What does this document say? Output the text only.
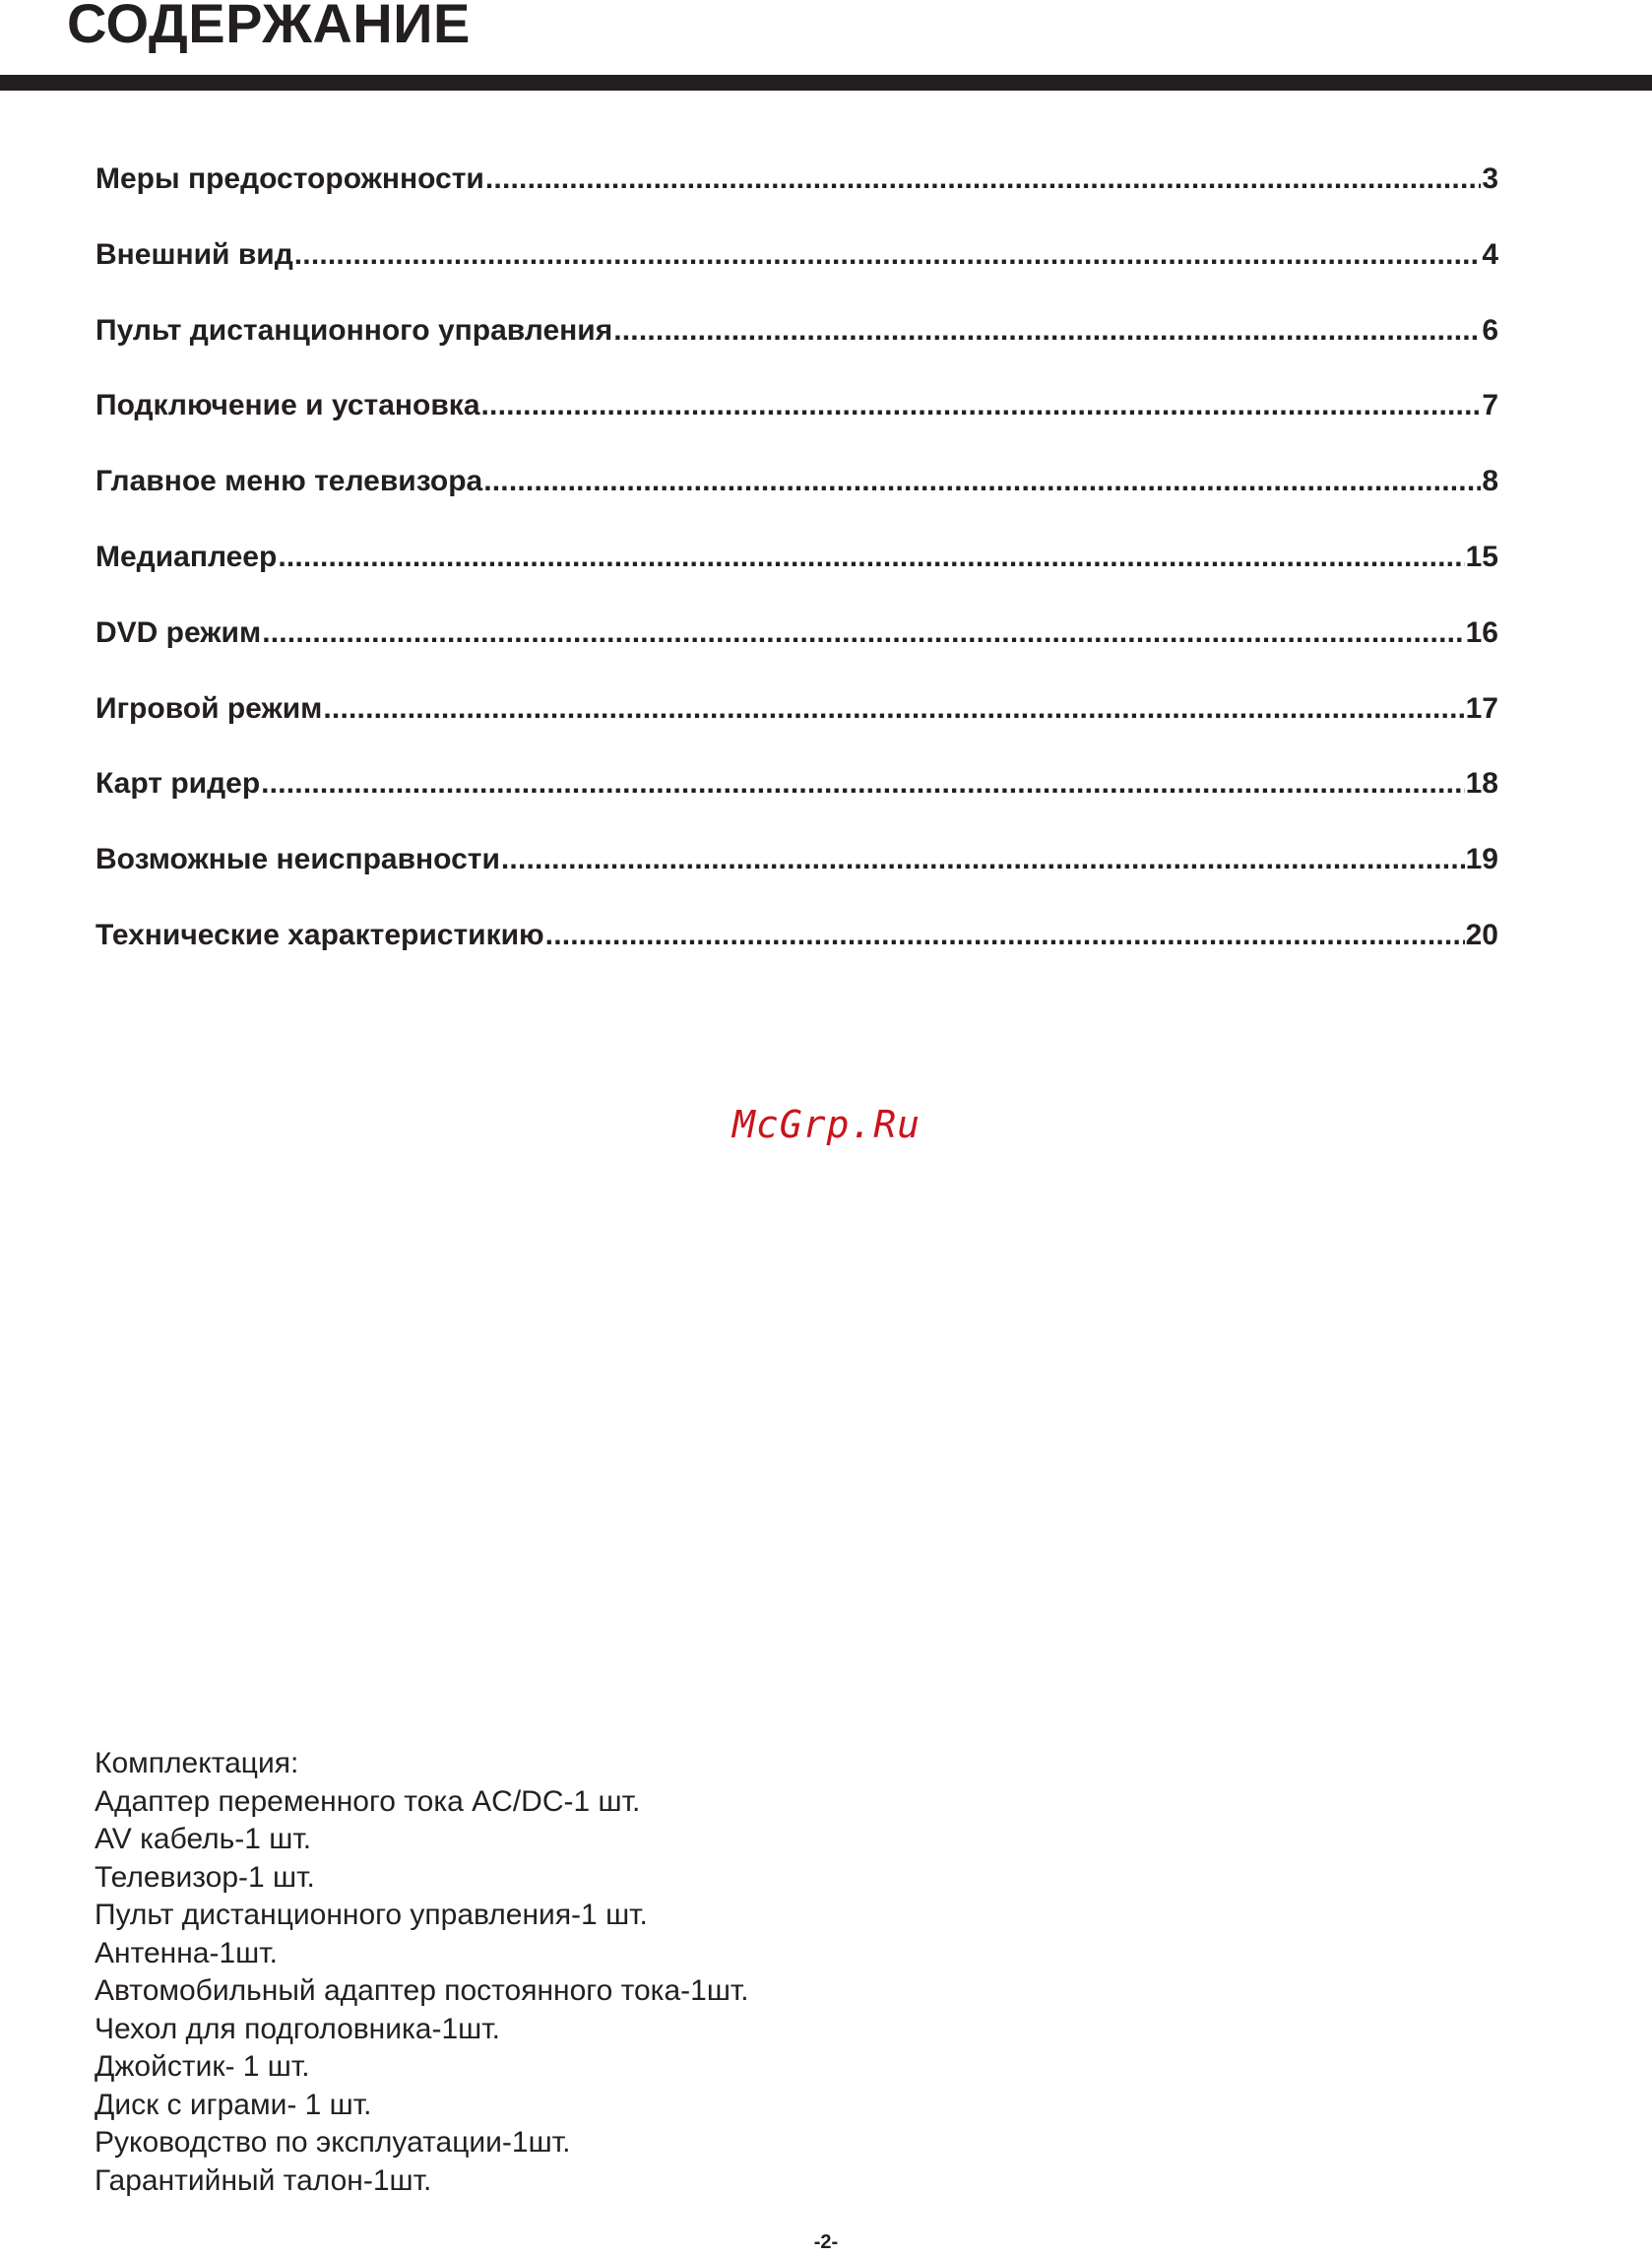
СОДЕРЖАНИЕ
Меры предосторожнности .....	3
Внешний вид .....	4
Пульт дистанционного управления .....	6
Подключение и установка .....	7
Главное меню телевизора .....	8
Медиаплеер .....	15
DVD режим .....	16
Игровой режим .....	17
Карт ридер .....	18
Возможные неисправности .....	19
Технические характеристикию .....	20
McGrp.Ru
Комплектация:
Адаптер переменного тока AC/DC-1 шт.
AV кабель-1 шт.
Телевизор-1 шт.
Пульт дистанционного управления-1 шт.
Антенна-1шт.
Автомобильный адаптер постоянного тока-1шт.
Чехол для подголовника-1шт.
Джойстик- 1 шт.
Диск с играми- 1 шт.
Руководство по эксплуатации-1шт.
Гарантийный талон-1шт.
-2-
